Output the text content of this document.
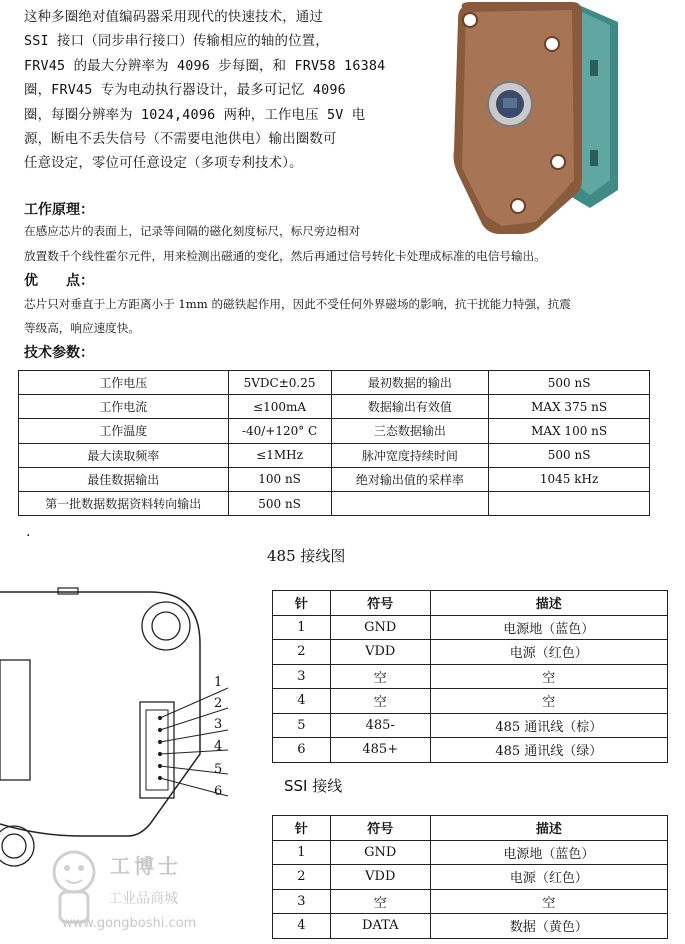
这种多圈绝对值编码器采用现代的快速技术，通过
SSI 接口（同步串行接口）传输相应的轴的位置，
FRV45 的最大分辨率为 4096 步每圈，和 FRV58 16384
圈，FRV45 专为电动执行器设计，最多可记忆 4096
圈，每圈分辨率为 1024,4096 两种，工作电压 5V 电
源，断电不丢失信号（不需要电池供电）输出圈数可
任意设定，零位可任意设定（多项专利技术）。
工作原理：
在感应芯片的表面上，记录等间隔的磁化刻度标尺，标尺旁边相对
放置数千个线性霍尔元件，用来检测出磁通的变化，然后再通过信号转化卡处理成标准的电信号输出。
优　　点：
芯片只对垂直于上方距离小于 1mm 的磁铁起作用，因此不受任何外界磁场的影响，抗干扰能力特强，抗震
等级高，响应速度快。
技术参数：
工作电压	5VDC±0.25	最初数据的输出	500 nS
工作电流	≤100mA	数据输出有效值	MAX 375 nS
工作温度	-40/+120° C	三态数据输出	MAX 100 nS
最大读取频率	≤1MHz	脉冲宽度持续时间	500 nS
最佳数据输出	100 nS	绝对输出值的采样率	1045 kHz
第一批数据数据资料转向输出	500 nS		
.
485 接线图
1
2
3
4
5
6
针	符号	描述
1	GND	电源地（蓝色）
2	VDD	电源（红色）
3	空	空
4	空	空
5	485-	485 通讯线（棕）
6	485+	485 通讯线（绿）
SSI 接线
针	符号	描述
1	GND	电源地（蓝色）
2	VDD	电源（红色）
3	空	空
4	DATA	数据（黄色）
工博士
工业品商城
www.gongboshi.com
